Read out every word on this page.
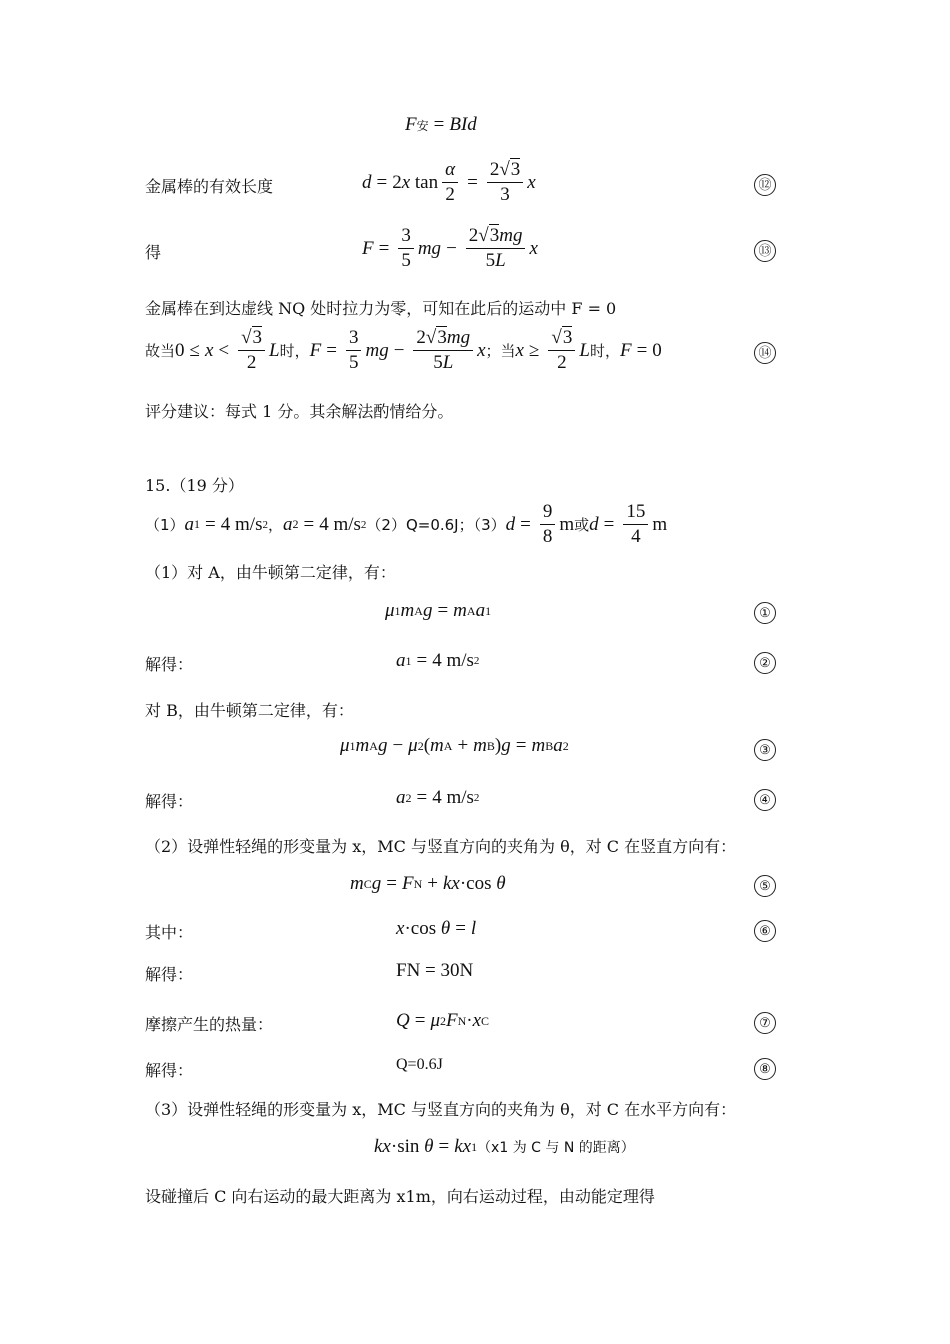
F 安 = BId
金属棒的有效长度	d = 2 x $\tan \frac{\alpha}{2} = \frac{2√3}{3}$ x	⑫
得	$F = \frac{3}{5}$ mg − $\frac{2√3mg}{5L}$ x	⑬
金属棒在到达虚线 NQ 处时拉力为零，可知在此后的运动中 F = 0
故当 $0 \le x < \frac{√3}{2}$ L 时， $F = \frac{3}{5}$ mg − $\frac{2√3mg}{5L}$ x ；当 $x \ge \frac{√3}{2}$ L 时， F = 0	⑭
评分建议：每式 1 分。其余解法酌情给分。
15.（19 分）
（1） a 1 = 4 m/s 2 ， a 2 = 4 m/s 2 （2）Q=0.6J；（3） $d = \frac{9}{8}$ m 或 $d = \frac{15}{4}$ m
（1）对 A，由牛顿第二定律，有：
μ 1 m A g = m A a 1	①
解得：	a 1 = 4 m/s 2	②
对 B，由牛顿第二定律，有：
μ 1 m A g − μ 2 ( m A + m B ) g = m B a 2	③
解得：	a 2 = 4 m/s 2	④
（2）设弹性轻绳的形变量为 x，MC 与竖直方向的夹角为 θ，对 C 在竖直方向有：
m C g = F N + kx ·cos θ	⑤
其中：	x ·cos θ = l	⑥
解得：	FN = 30N
摩擦产生的热量：	Q = μ 2 F N · x C	⑦
解得：	Q=0.6J	⑧
（3）设弹性轻绳的形变量为 x，MC 与竖直方向的夹角为 θ，对 C 在水平方向有：
kx ·sin θ = kx 1 （x1 为 C 与 N 的距离）
设碰撞后 C 向右运动的最大距离为 x1m，向右运动过程，由动能定理得
